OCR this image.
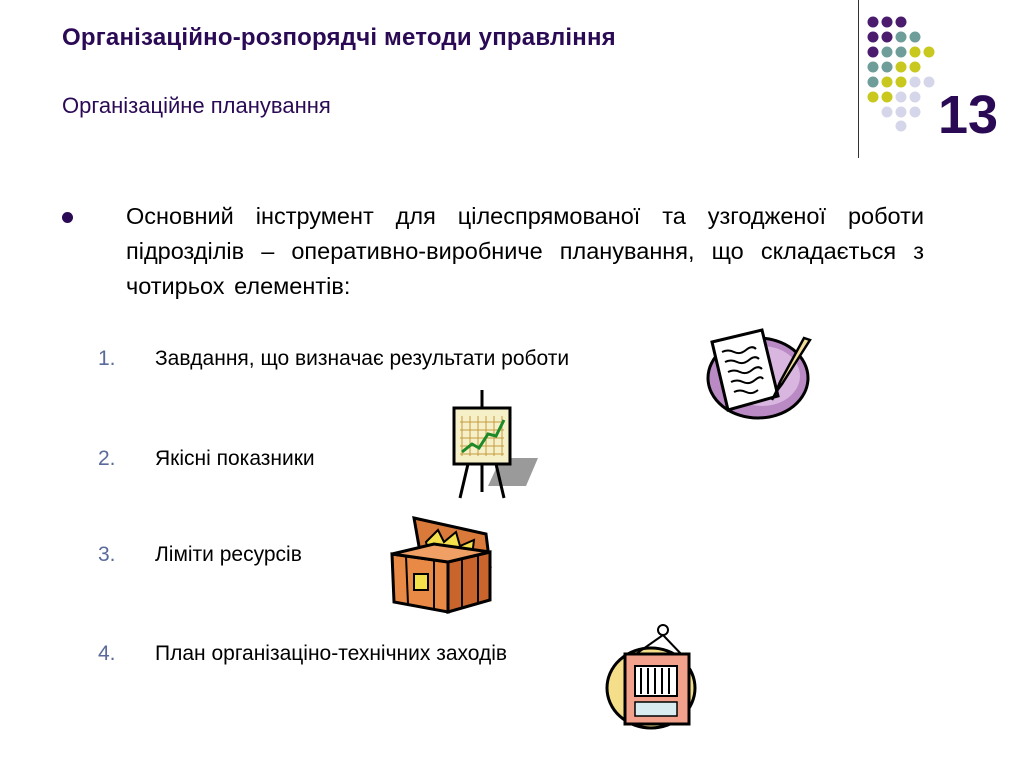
Організаційно-розпорядчі методи управління
Організаційне планування	13
Основний інструмент для цілеспрямованої та узгодженої роботи підрозділів – оперативно-виробниче планування, що складається з чотирьох елементів:
1. Завдання, що визначає результати роботи
2. Якісні показники
3. Ліміти ресурсів
4. План організаціно-технічних заходів
